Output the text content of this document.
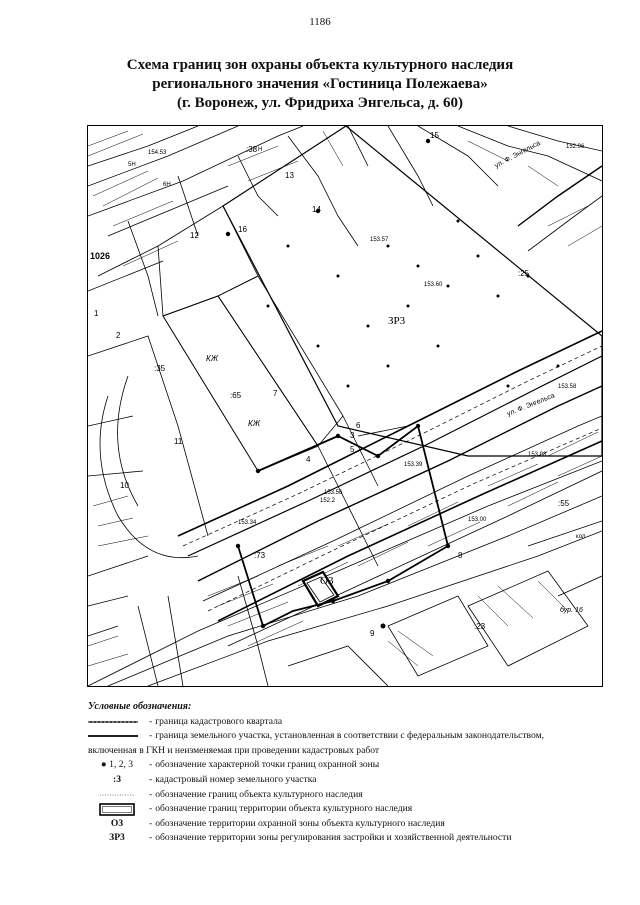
1186
Схема границ зон охраны объекта культурного наследия
регионального значения «Гостиница Полежаева»
(г. Воронеж, ул. Фридриха Энгельса, д. 60)
1026
ЗР3
О3
1
2
3
4
5
6
7
8
9
10
11
12
13
14
15
16
:38
:65
:23
:73
:35
:25
:55
КЖ
КЖ
Н
5Н
6Н
153.57
153.60
152.2
153.56
154.53
153.98
152.96
153.39
153.58
153.34	153.00
ул. Ф. Энгельса
ул. Ф. Энгельса
бур. 16
кол
Условные обозначения:
- граница кадастрового квартала
- граница земельного участка, установленная в соответствии с федеральным законодательством,
включенная в ГКН и неизменяемая при проведении кадастровых работ
● 1, 2, 3 - обозначение характерной точки границ охранной зоны
:3	- кадастровый номер земельного участка
- обозначение границ объекта культурного наследия
- обозначение границ территории объекта культурного наследия
О3	- обозначение территории охранной зоны объекта культурного наследия
ЗР3	- обозначение территории зоны регулирования застройки и хозяйственной деятельности
